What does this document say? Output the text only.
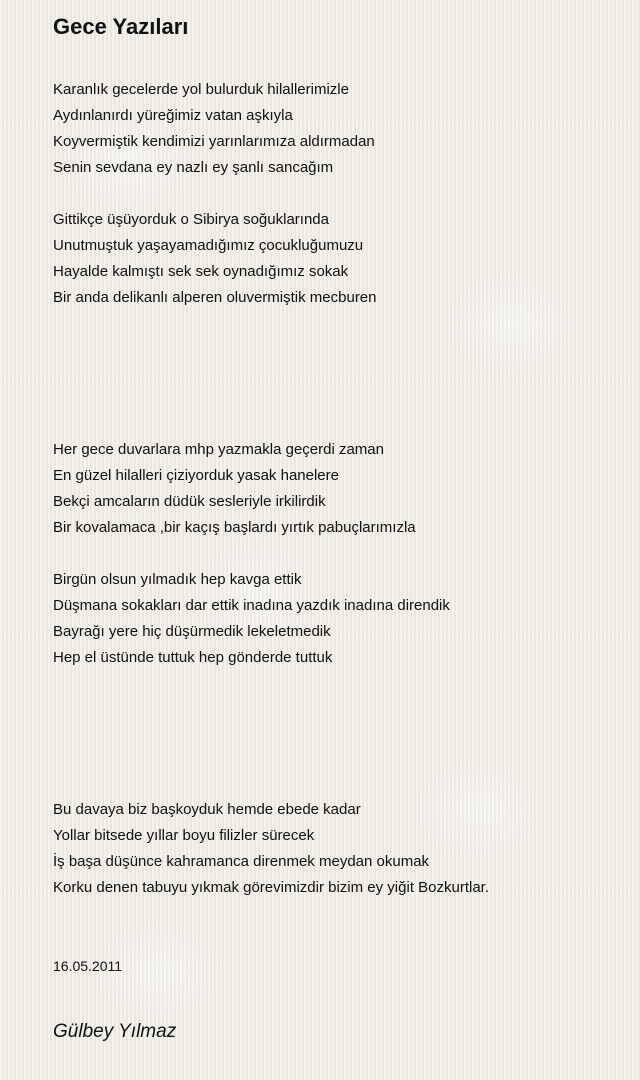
Gece Yazıları
Karanlık gecelerde yol bulurduk hilallerimizle
Aydınlanırdı yüreğimiz vatan aşkıyla
Koyvermiştik kendimizi yarınlarımıza aldırmadan
Senin sevdana ey nazlı ey şanlı sancağım
Gittikçe üşüyorduk o Sibirya soğuklarında
Unutmuştuk yaşayamadığımız çocukluğumuzu
Hayalde kalmıştı sek sek oynadığımız sokak
Bir anda delikanlı alperen oluvermiştik mecburen
Her gece duvarlara mhp yazmakla geçerdi zaman
En güzel hilalleri çiziyorduk yasak hanelere
Bekçi amcaların düdük sesleriyle irkilirdik
Bir kovalamaca ,bir kaçış başlardı yırtık pabuçlarımızla
Birgün olsun yılmadık hep kavga ettik
Düşmana sokakları dar ettik inadına yazdık inadına direndik
Bayrağı yere hiç düşürmedik lekeletmedik
Hep el üstünde tuttuk hep gönderde tuttuk
Bu davaya biz başkoyduk hemde ebede kadar
Yollar bitsede yıllar boyu filizler sürecek
İş başa düşünce kahramanca direnmek meydan okumak
Korku denen tabuyu yıkmak görevimizdir bizim ey yiğit Bozkurtlar.
16.05.2011
Gülbey Yılmaz
